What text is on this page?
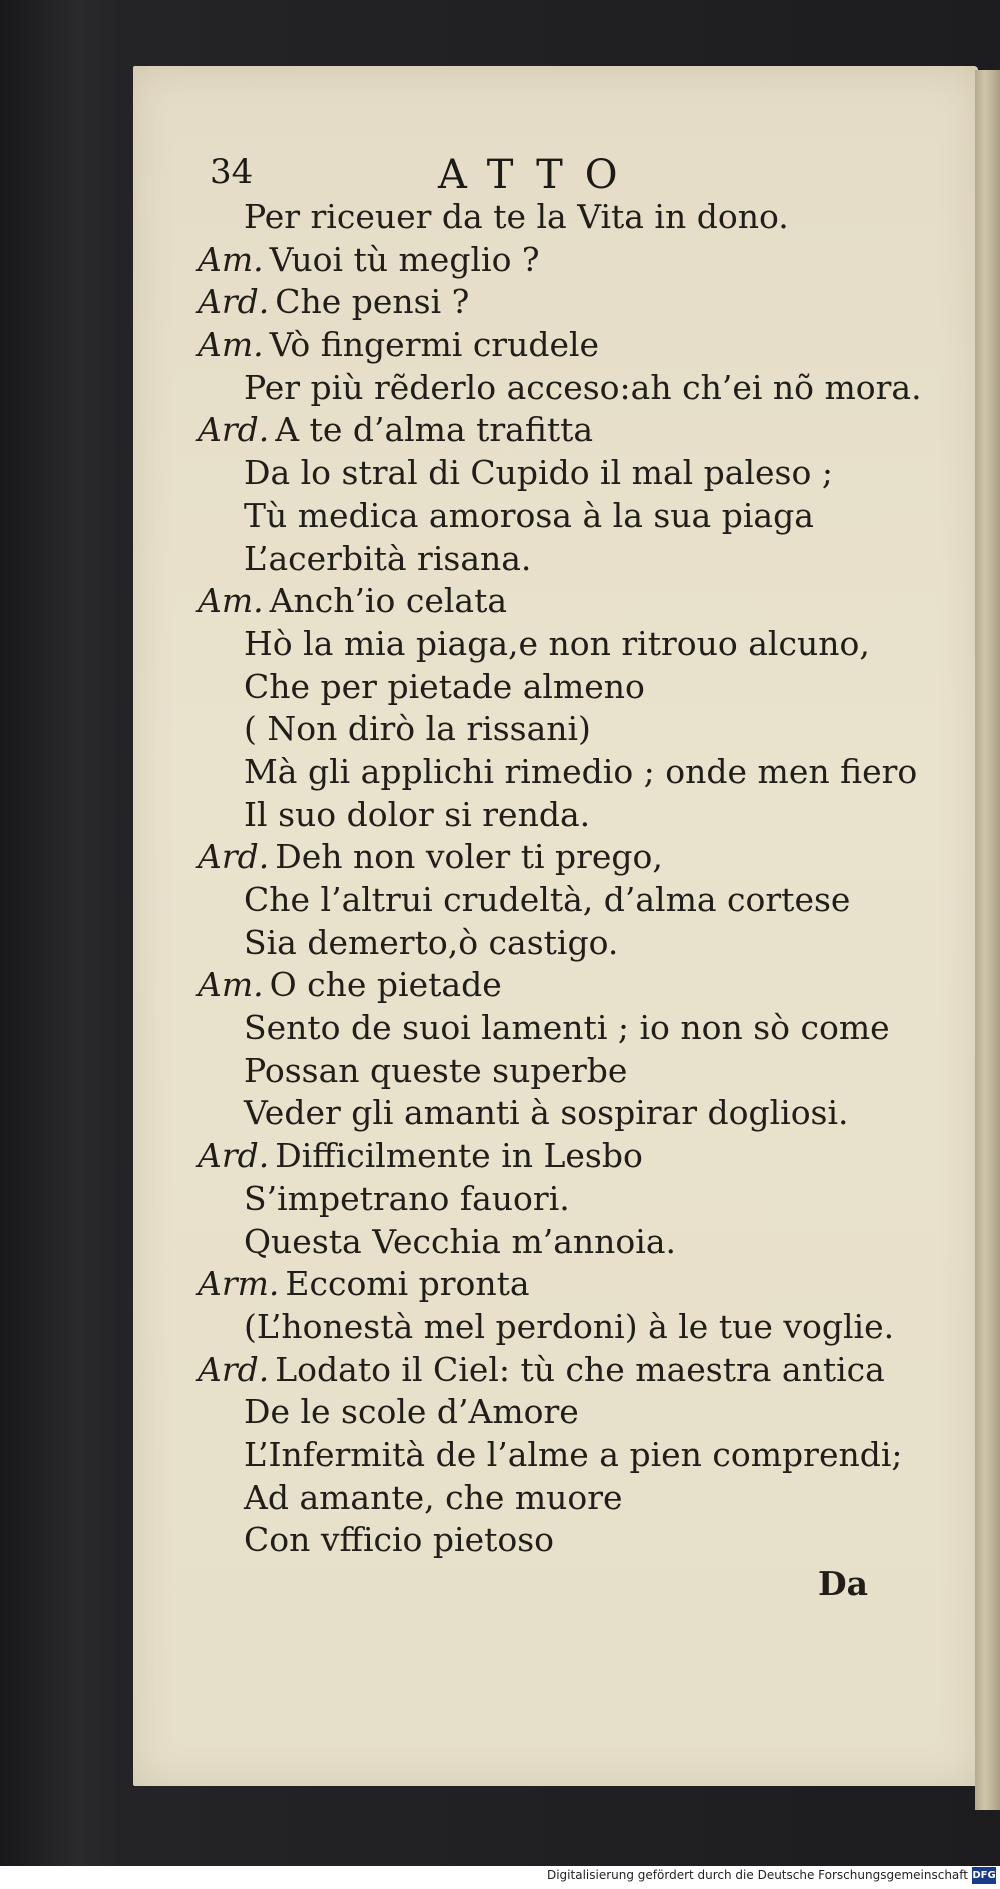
34	ATTO
Per riceuer da te la Vita in dono.
Am. Vuoi tù meglio ?
Ard. Che pensi ?
Am. Vò fingermi crudele
Per più rẽderlo acceso:ah ch’ei nõ mora.
Ard. A te d’alma trafitta
Da lo stral di Cupido il mal paleso ;
Tù medica amorosa à la sua piaga
L’acerbità risana.
Am. Anch’io celata
Hò la mia piaga,e non ritrouo alcuno,
Che per pietade almeno
( Non dirò la rissani)
Mà gli applichi rimedio ; onde men fiero
Il suo dolor si renda.
Ard. Deh non voler ti prego,
Che l’altrui crudeltà, d’alma cortese
Sia demerto,ò castigo.
Am. O che pietade
Sento de suoi lamenti ; io non sò come
Possan queste superbe
Veder gli amanti à sospirar dogliosi.
Ard. Difficilmente in Lesbo
S’impetrano fauori.
Questa Vecchia m’annoia.
Arm. Eccomi pronta
(L’honestà mel perdoni) à le tue voglie.
Ard. Lodato il Ciel: tù che maestra antica
De le scole d’Amore
L’Infermità de l’alme a pien comprendi;
Ad amante, che muore
Con vfficio pietoso
Da
Digitalisierung gefördert durch die Deutsche Forschungsgemeinschaft DFG
